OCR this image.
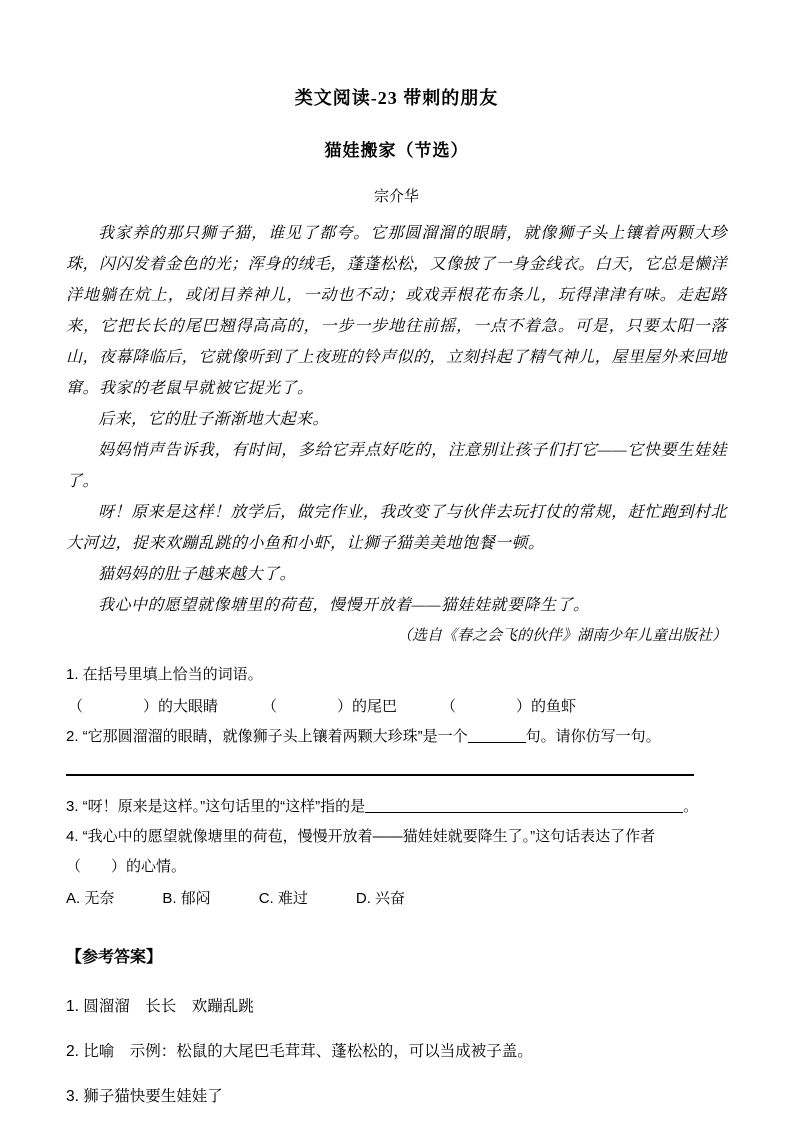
类文阅读-23 带刺的朋友
猫娃搬家（节选）
宗介华

我家养的那只狮子猫，谁见了都夸。它那圆溜溜的眼睛，就像狮子头上镶着两颗大珍珠，闪闪发着金色的光；浑身的绒毛，蓬蓬松松，又像披了一身金线衣。白天，它总是懒洋洋地躺在炕上，或闭目养神儿，一动也不动；或戏弄根花布条儿，玩得津津有味。走起路来，它把长长的尾巴翘得高高的，一步一步地往前摇，一点不着急。可是，只要太阳一落山，夜幕降临后，它就像听到了上夜班的铃声似的，立刻抖起了精气神儿，屋里屋外来回地窜。我家的老鼠早就被它捉光了。

后来，它的肚子渐渐地大起来。

妈妈悄声告诉我，有时间，多给它弄点好吃的，注意别让孩子们打它——它快要生娃娃了。

呀！原来是这样！放学后，做完作业，我改变了与伙伴去玩打仗的常规，赶忙跑到村北大河边，捉来欢蹦乱跳的小鱼和小虾，让狮子猫美美地饱餐一顿。

猫妈妈的肚子越来越大了。

我心中的愿望就像塘里的荷苞，慢慢开放着——猫娃娃就要降生了。

（选自《春之会飞的伙伴》湖南少年儿童出版社）

1. 在括号里填上恰当的词语。

（　　　　）的大眼睛	（　　　　）的尾巴	（　　　　）的鱼虾

2. “它那圆溜溜的眼睛，就像狮子头上镶着两颗大珍珠”是一个	句。请你仿写一句。

3. “呀！原来是这样。”这句话里的“这样”指的是	。

4. “我心中的愿望就像塘里的荷苞，慢慢开放着——猫娃娃就要降生了。”这句话表达了作者

（　　）的心情。

A. 无奈	B. 郁闷	C. 难过	D. 兴奋

【参考答案】

1. 圆溜溜　长长　欢蹦乱跳

2. 比喻　示例：松鼠的大尾巴毛茸茸、蓬松松的，可以当成被子盖。

3. 狮子猫快要生娃娃了
